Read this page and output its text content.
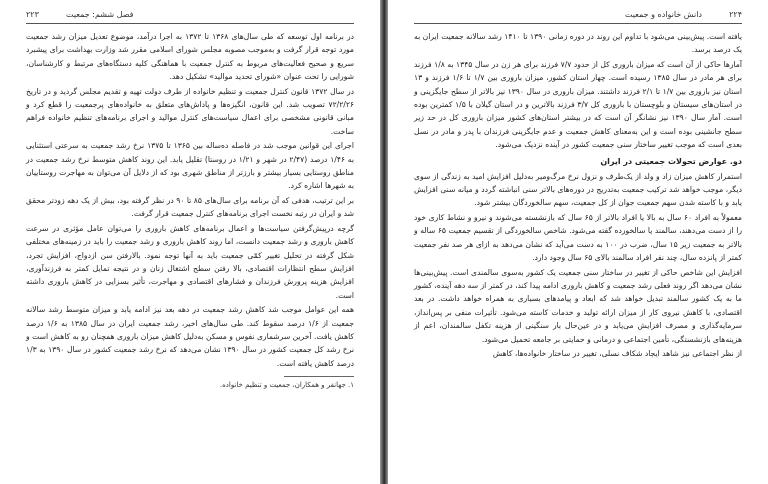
۲۲۳	فصل ششم: جمعیت

در برنامه اول توسعه که طی سال‌های ۱۳۶۸ تا ۱۳۷۲ به اجرا درآمد، موضوع تعدیل میزان رشد جمعیت مورد توجه قرار گرفت و به‌موجب مصوبه مجلس شورای اسلامی مقرر شد وزارت بهداشت برای پیشبرد سریع و صحیح فعالیت‌های مربوط به کنترل جمعیت با هماهنگی کلیه دستگاه‌های مرتبط و کارشناسان، شورایی را تحت عنوان «شورای تحدید موالید» تشکیل دهد.

در سال ۱۳۷۲ قانون کنترل جمعیت و تنظیم خانواده از طرف دولت تهیه و تقدیم مجلس گردید و در تاریخ ۷۲/۲/۲۶ تصویب شد. این قانون، انگیزه‌ها و پاداش‌های متعلق به خانواده‌های پرجمعیت را قطع کرد و مبانی قانونی مشخصی برای اعمال سیاست‌های کنترل موالید و اجرای برنامه‌های تنظیم خانواده فراهم ساخت.

اجرای این قوانین موجب شد در فاصله ده‌ساله بین ۱۳۶۵ تا ۱۳۷۵ نرخ رشد جمعیت به سرعتی استثنایی به ۱/۴۶ درصد (۲/۴۷ در شهر و ۱/۲۱ در روستا) تقلیل یابد. این روند کاهش متوسط نرخ رشد جمعیت در مناطق روستایی بسیار بیشتر و بارزتر از مناطق شهری بود که از دلایل آن می‌توان به مهاجرت روستاییان به شهرها اشاره کرد.

بر این ترتیب، هدفی که آن برنامه برای سال‌های ۸۵ تا ۹۰ در نظر گرفته بود، بیش از یک دهه زودتر محقق شد و ایران در رتبه نخست اجرای برنامه‌های کنترل جمعیت قرار گرفت.

گرچه درپیش‌گرفتن سیاست‌ها و اعمال برنامه‌های کاهش باروری را می‌توان عامل مؤثری در سرعت کاهش باروری و رشد جمعیت دانست، اما روند کاهش باروری و رشد جمعیت را باید در زمینه‌های مختلفی شکل گرفته در تحلیل تغییر کمّی جمعیت باید به آنها توجه نمود. بالارفتن سن ازدواج، افزایش تجرد، افزایش سطح انتظارات اقتصادی، بالا رفتن سطح اشتغال زنان و در نتیجه تمایل کمتر به فرزندآوری، افزایش هزینه پرورش فرزندان و فشارهای اقتصادی و مهاجرت، تأثیر بسزایی در کاهش باروری داشته است.

همه این عوامل موجب شد کاهش رشد جمعیت در دهه بعد نیز ادامه یابد و میزان متوسط رشد سالانه جمعیت از ۱/۶ درصد سقوط کند. طی سال‌های اخیر، رشد جمعیت ایران در سال ۱۳۸۵ به ۱/۶ درصد کاهش یافت. آخرین سرشماری نفوس و مسکن به‌دلیل کاهش میزان باروری همچنان رو به کاهش است و نرخ رشد کل جمعیت کشور در سال ۱۳۹۰ نشان می‌دهد که نرخ رشد جمعیت کشور در سال ۱۳۹۰ به ۱/۳ درصد کاهش یافته است.

۱. جهانفر و همکاران، جمعیت و تنظیم خانواده.
۲۲۴
دانش خانواده و جمعیت

یافته است. پیش‌بینی می‌شود با تداوم این روند در دوره زمانی ۱۳۹۰ تا ۱۴۱۰ رشد سالانه جمعیت ایران به یک درصد برسد.

آمارها حاکی از آن است که میزان باروری کل از حدود ۷/۷ فرزند برای هر زن در سال ۱۳۴۵ به ۱/۸ فرزند برای هر مادر در سال ۱۳۸۵ رسیده است. چهار استان کشور، میزان باروری بین ۱/۷ تا ۱/۶ فرزند و ۱۳ استان نیز باروری بین ۱/۷ تا ۲/۱ فرزند داشتند. میزان باروری در سال ۱۳۹۰ نیز بالاتر از سطح جایگزینی و در استان‌های سیستان و بلوچستان با باروری کل ۳/۷ فرزند بالاترین و در استان گیلان با ۱/۵ کمترین بوده است. آمار سال ۱۳۹۰ نیز نشانگر آن است که در بیشتر استان‌های کشور میزان باروری کل در حد زیر سطح جانشینی بوده است و این به‌معنای کاهش جمعیت و عدم جایگزینی فرزندان با پدر و مادر در نسل بعدی است که موجب تغییر ساختار سنی جمعیت کشور در آینده نزدیک می‌شود.

دو. عوارض تحولات جمعیتی در ایران

استمرار کاهش میزان زاد و ولد از یک‌طرف و نزول نرخ مرگ‌ومیر به‌دلیل افزایش امید به زندگی از سوی دیگر، موجب خواهد شد ترکیب جمعیت به‌تدریج در دوره‌های بالاتر سنی انباشته گردد و میانه سنی افزایش یابد و با کاسته شدن سهم جمعیت جوان از کل جمعیت، سهم سالخوردگان بیشتر شود.

معمولاً به افراد ۶۰ سال به بالا یا افراد بالاتر از ۶۵ سال که بازنشسته می‌شوند و نیرو و نشاط کاری خود را از دست می‌دهند، سالمند یا سالخورده گفته می‌شود. شاخص سالخوردگی از تقسیم جمعیت ۶۵ ساله و بالاتر به جمعیت زیر ۱۵ سال، ضرب در ۱۰۰ به دست می‌آید که نشان می‌دهد به ازای هر صد نفر جمعیت کمتر از پانزده سال، چند نفر افراد سالمند بالای ۶۵ سال وجود دارد.

افزایش این شاخص حاکی از تغییر در ساختار سنی جمعیت یک کشور به‌سوی سالمندی است. پیش‌بینی‌ها نشان می‌دهد اگر روند فعلی رشد جمعیت و کاهش باروری ادامه پیدا کند، در کمتر از سه دهه آینده، کشور ما به یک کشور سالمند تبدیل خواهد شد که ابعاد و پیامدهای بسیاری به همراه خواهد داشت. در بعد اقتصادی، با کاهش نیروی کار از میزان ارائه تولید و خدمات کاسته می‌شود. تأثیرات منفی بر پس‌انداز، سرمایه‌گذاری و مصرف افزایش می‌یابد و در عین‌حال بار سنگینی از هزینه تکفل سالمندان، اعم از هزینه‌های بازنشستگی، تأمین اجتماعی و درمانی و حمایتی بر جامعه تحمیل می‌شود.

از نظر اجتماعی نیز شاهد ایجاد شکاف نسلی، تغییر در ساختار خانواده‌ها، کاهش
